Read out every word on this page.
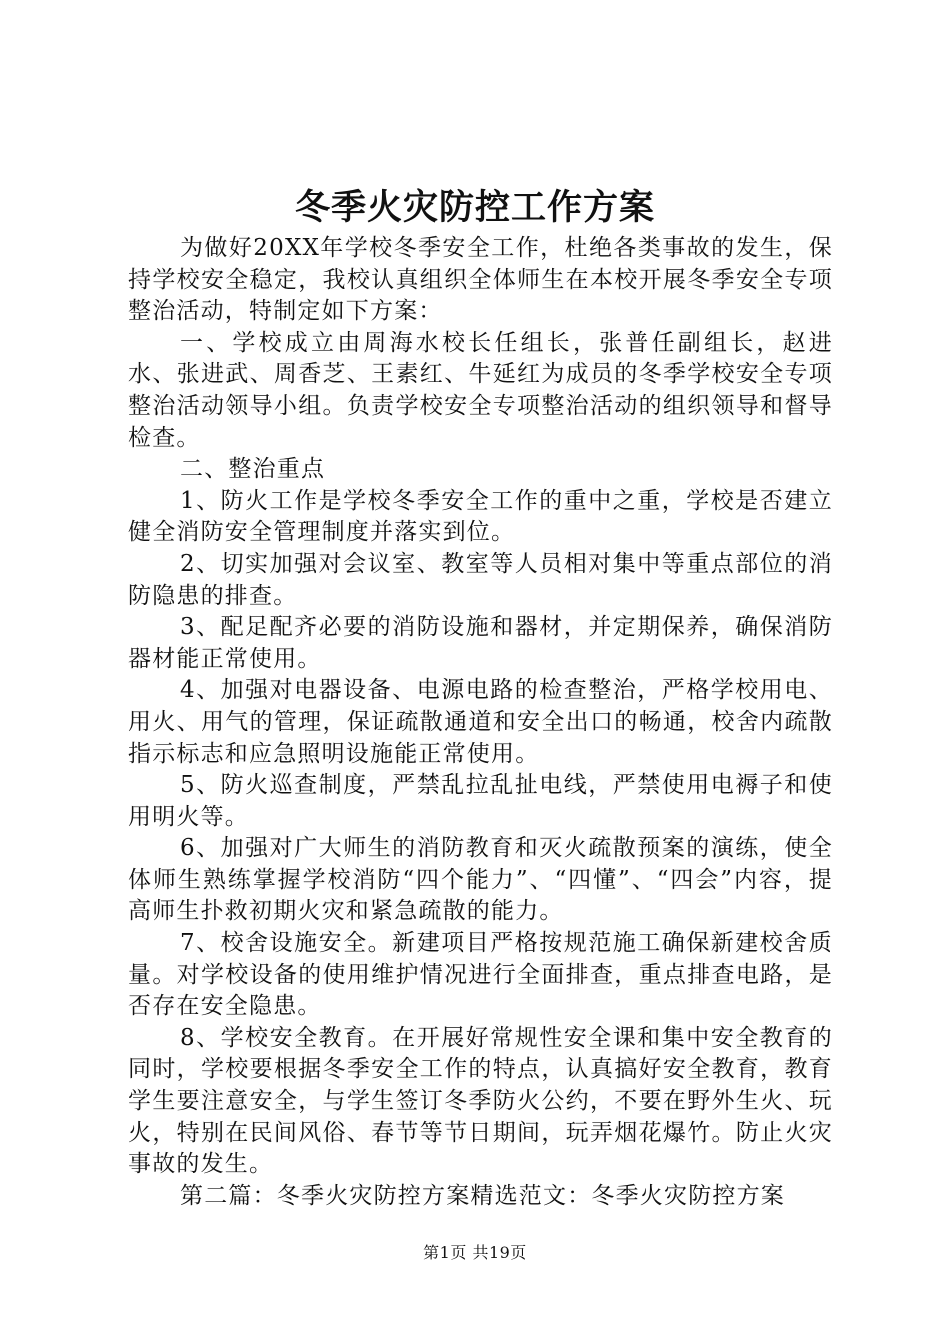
冬季火灾防控工作方案

为做好20XX年学校冬季安全工作，杜绝各类事故的发生，保持学校安全稳定，我校认真组织全体师生在本校开展冬季安全专项整治活动，特制定如下方案：

一、学校成立由周海水校长任组长，张普任副组长，赵进水、张进武、周香芝、王素红、牛延红为成员的冬季学校安全专项整治活动领导小组。负责学校安全专项整治活动的组织领导和督导检查。

二、整治重点

1、防火工作是学校冬季安全工作的重中之重，学校是否建立健全消防安全管理制度并落实到位。

2、切实加强对会议室、教室等人员相对集中等重点部位的消防隐患的排查。

3、配足配齐必要的消防设施和器材，并定期保养，确保消防器材能正常使用。

4、加强对电器设备、电源电路的检查整治，严格学校用电、用火、用气的管理，保证疏散通道和安全出口的畅通，校舍内疏散指示标志和应急照明设施能正常使用。

5、防火巡查制度，严禁乱拉乱扯电线，严禁使用电褥子和使用明火等。

6、加强对广大师生的消防教育和灭火疏散预案的演练，使全体师生熟练掌握学校消防“四个能力”、“四懂”、“四会”内容，提高师生扑救初期火灾和紧急疏散的能力。

7、校舍设施安全。新建项目严格按规范施工确保新建校舍质量。对学校设备的使用维护情况进行全面排查，重点排查电路，是否存在安全隐患。

8、学校安全教育。在开展好常规性安全课和集中安全教育的同时，学校要根据冬季安全工作的特点，认真搞好安全教育，教育学生要注意安全，与学生签订冬季防火公约，不要在野外生火、玩火，特别在民间风俗、春节等节日期间，玩弄烟花爆竹。防止火灾事故的发生。

第二篇：冬季火灾防控方案精选范文：冬季火灾防控方案

第1页 共19页
